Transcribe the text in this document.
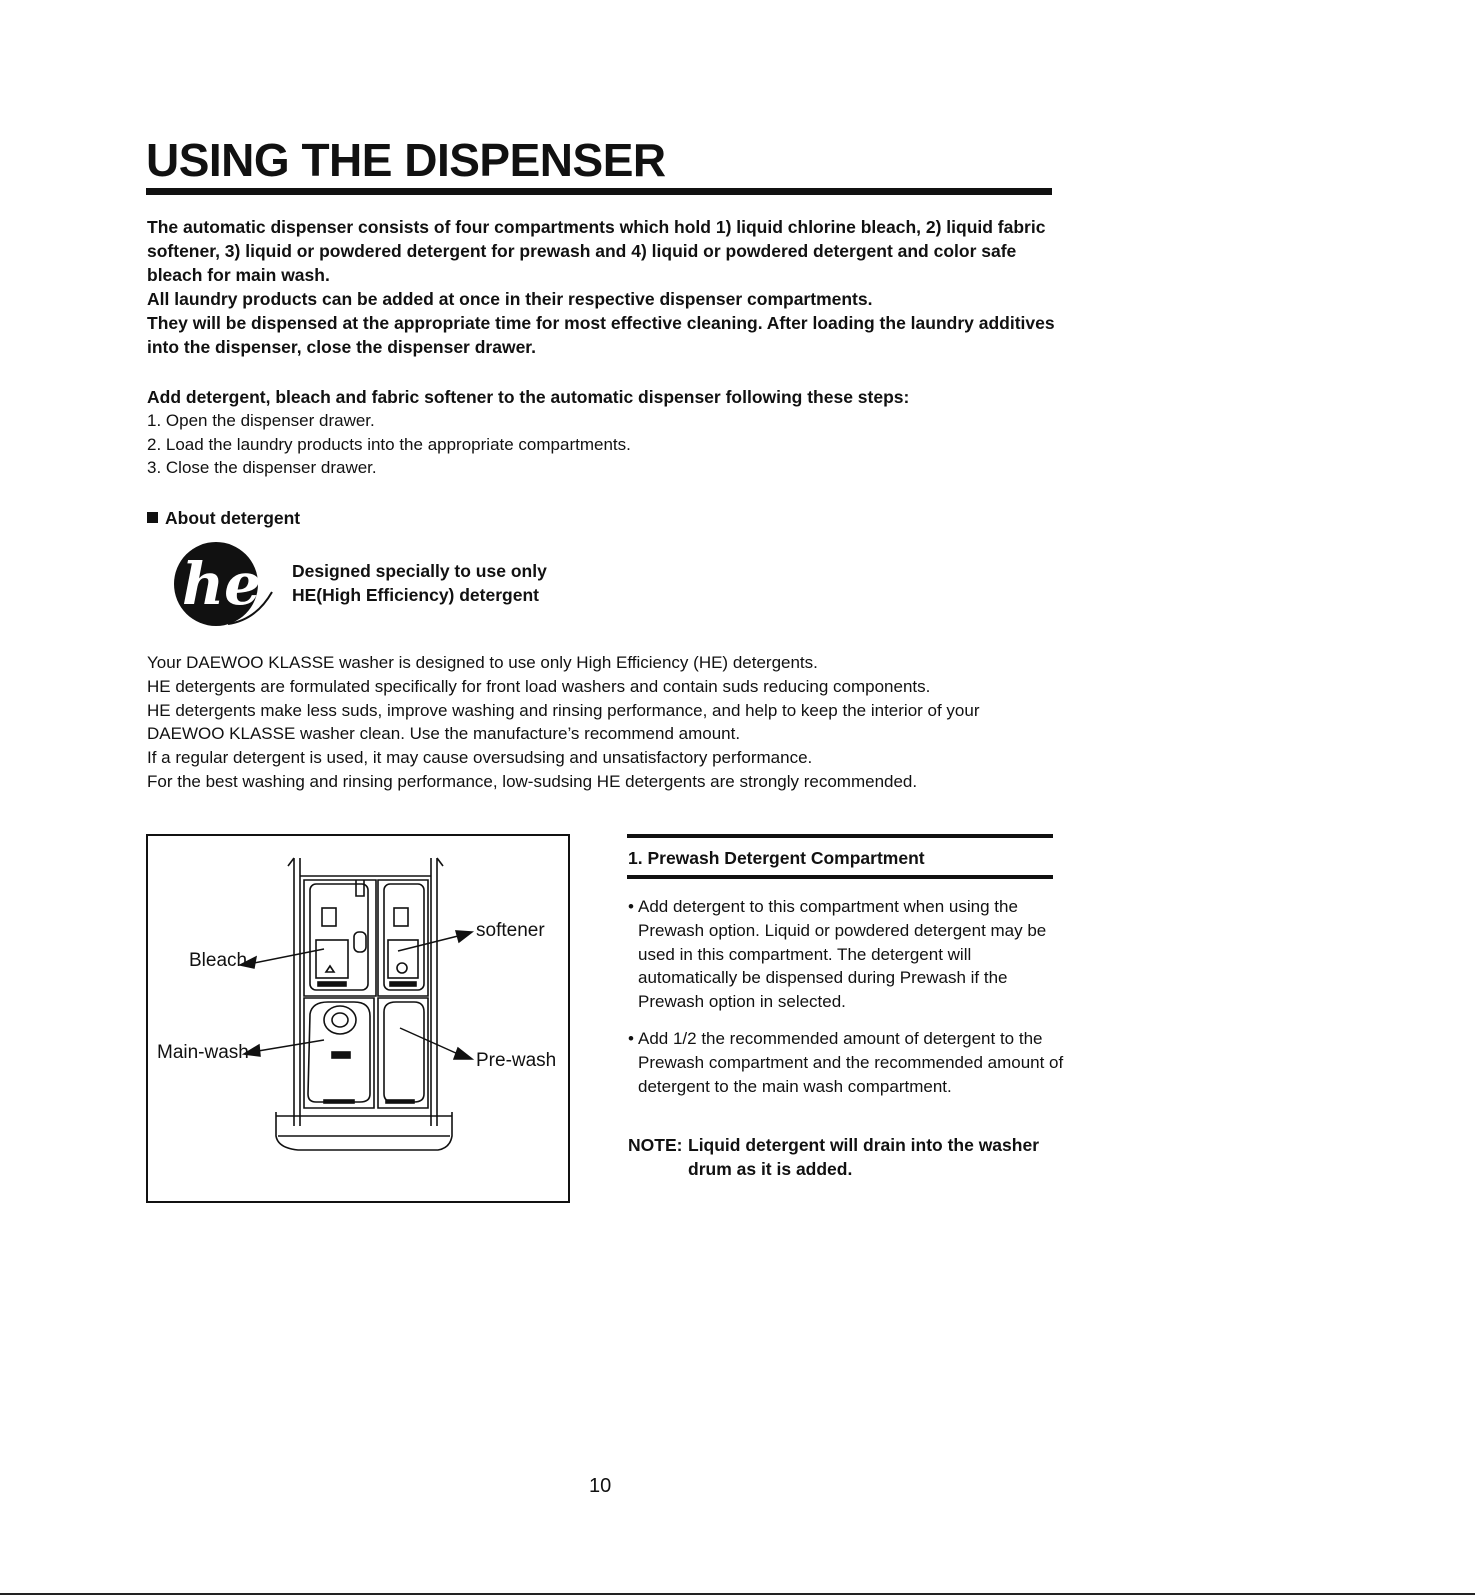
USING THE DISPENSER

The automatic dispenser consists of four compartments which hold 1) liquid chlorine bleach, 2) liquid fabric softener, 3) liquid or powdered detergent for prewash and 4) liquid or powdered detergent and color safe bleach for main wash.
All laundry products can be added at once in their respective dispenser compartments.
They will be dispensed at the appropriate time for most effective cleaning. After loading the laundry additives into the dispenser, close the dispenser drawer.

Add detergent, bleach and fabric softener to the automatic dispenser following these steps:

1. Open the dispenser drawer.
2. Load the laundry products into the appropriate compartments.
3. Close the dispenser drawer.

About detergent

he Designed specially to use only
HE(High Efficiency) detergent

Your DAEWOO KLASSE washer is designed to use only High Efficiency (HE) detergents.
HE detergents are formulated specifically for front load washers and contain suds reducing components.
HE detergents make less suds, improve washing and rinsing performance, and help to keep the interior of your
DAEWOO KLASSE washer clean. Use the manufacture’s recommend amount.
If a regular detergent is used, it may cause oversudsing and unsatisfactory performance.
For the best washing and rinsing performance, low-sudsing HE detergents are strongly recommended.

Bleach
softener
Main-wash	Pre-wash

1. Prewash Detergent Compartment

• Add detergent to this compartment when using the Prewash option. Liquid or powdered detergent may be used in this compartment. The detergent will automatically be dispensed during Prewash if the Prewash option in selected.

• Add 1/2 the recommended amount of detergent to the Prewash compartment and the recommended amount of detergent to the main wash compartment.

NOTE: Liquid detergent will drain into the washer drum as it is added.

10
